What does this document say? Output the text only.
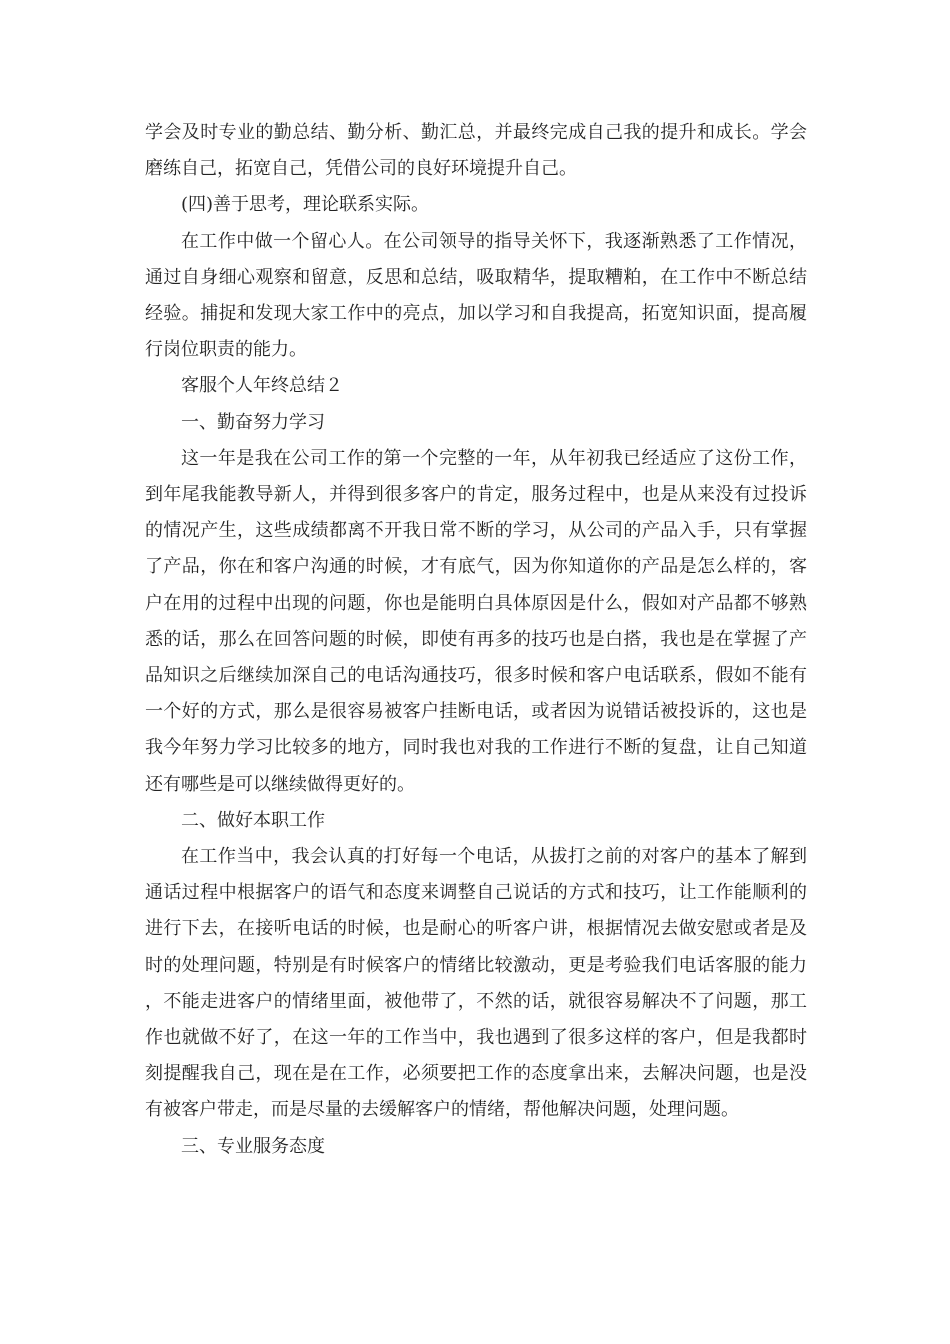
学会及时专业的勤总结、勤分析、勤汇总，并最终完成自己我的提升和成长。学会磨练自己，拓宽自己，凭借公司的良好环境提升自己。

(四)善于思考，理论联系实际。

在工作中做一个留心人。在公司领导的指导关怀下，我逐渐熟悉了工作情况，通过自身细心观察和留意，反思和总结，吸取精华，提取糟粕，在工作中不断总结经验。捕捉和发现大家工作中的亮点，加以学习和自我提高，拓宽知识面，提高履行岗位职责的能力。

客服个人年终总结２

一、勤奋努力学习

这一年是我在公司工作的第一个完整的一年，从年初我已经适应了这份工作，到年尾我能教导新人，并得到很多客户的肯定，服务过程中，也是从来没有过投诉的情况产生，这些成绩都离不开我日常不断的学习，从公司的产品入手，只有掌握了产品，你在和客户沟通的时候，才有底气，因为你知道你的产品是怎么样的，客户在用的过程中出现的问题，你也是能明白具体原因是什么，假如对产品都不够熟悉的话，那么在回答问题的时候，即使有再多的技巧也是白搭，我也是在掌握了产品知识之后继续加深自己的电话沟通技巧，很多时候和客户电话联系，假如不能有一个好的方式，那么是很容易被客户挂断电话，或者因为说错话被投诉的，这也是我今年努力学习比较多的地方，同时我也对我的工作进行不断的复盘，让自己知道还有哪些是可以继续做得更好的。

二、做好本职工作

在工作当中，我会认真的打好每一个电话，从拔打之前的对客户的基本了解到通话过程中根据客户的语气和态度来调整自己说话的方式和技巧，让工作能顺利的进行下去，在接听电话的时候，也是耐心的听客户讲，根据情况去做安慰或者是及时的处理问题，特别是有时候客户的情绪比较激动，更是考验我们电话客服的能力，不能走进客户的情绪里面，被他带了，不然的话，就很容易解决不了问题，那工作也就做不好了，在这一年的工作当中，我也遇到了很多这样的客户，但是我都时刻提醒我自己，现在是在工作，必须要把工作的态度拿出来，去解决问题，也是没有被客户带走，而是尽量的去缓解客户的情绪，帮他解决问题，处理问题。

三、专业服务态度
